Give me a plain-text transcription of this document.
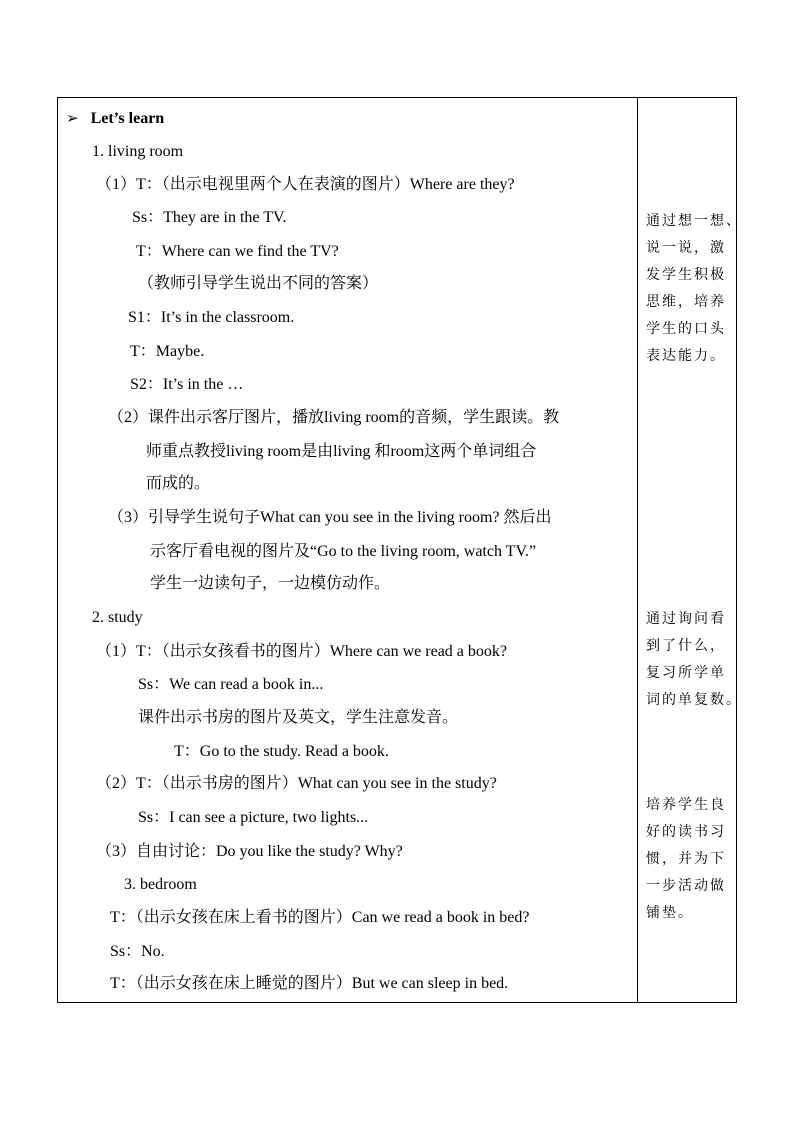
➢ Let’s learn
1. living room
（1）T：（出示电视里两个人在表演的图片）Where are they?
Ss：They are in the TV.
T：Where can we find the TV?
（教师引导学生说出不同的答案）
S1：It’s in the classroom.
T：Maybe.
S2：It’s in the …
（2）课件出示客厅图片，播放living room的音频，学生跟读。教
师重点教授living room是由living 和room这两个单词组合
而成的。
（3）引导学生说句子What can you see in the living room? 然后出
示客厅看电视的图片及“Go to the living room, watch TV.”
学生一边读句子，一边模仿动作。
2. study
（1）T：（出示女孩看书的图片）Where can we read a book?
Ss：We can read a book in...
课件出示书房的图片及英文，学生注意发音。
T：Go to the study. Read a book.
（2）T：（出示书房的图片）What can you see in the study?
Ss：I can see a picture, two lights...
（3）自由讨论：Do you like the study? Why?
3. bedroom
T：（出示女孩在床上看书的图片）Can we read a book in bed?
Ss：No.
T：（出示女孩在床上睡觉的图片）But we can sleep in bed.
通过想一想、
说一说，激
发学生积极
思维，培养
学生的口头
表达能力。
通过询问看
到了什么，
复习所学单
词的单复数。
培养学生良
好的读书习
惯，并为下
一步活动做
铺垫。
